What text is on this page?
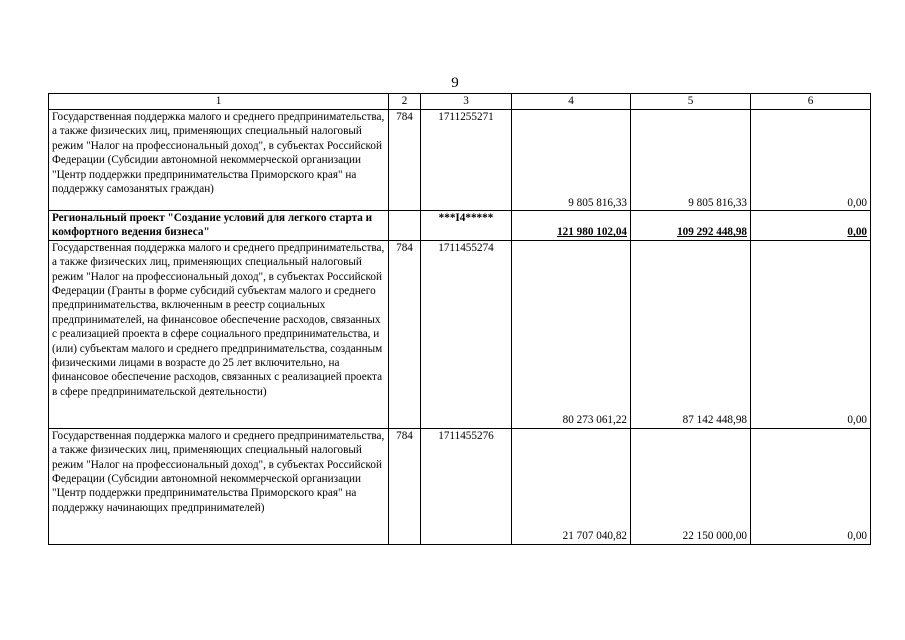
9
1	2	3	4	5	6
Государственная поддержка малого и среднего предпринимательства, а также физических лиц, применяющих специальный налоговый режим "Налог на профессиональный доход", в субъектах Российской Федерации (Субсидии автономной некоммерческой организации "Центр поддержки предпринимательства Приморского края" на поддержку самозанятых граждан)	784	1711255271	9 805 816,33	9 805 816,33	0,00
Региональный проект "Создание условий для легкого старта и комфортного ведения бизнеса"		***I4*****	121 980 102,04	109 292 448,98	0,00
Государственная поддержка малого и среднего предпринимательства, а также физических лиц, применяющих специальный налоговый режим "Налог на профессиональный доход", в субъектах Российской Федерации (Гранты в форме субсидий субъектам малого и среднего предпринимательства, включенным в реестр социальных предпринимателей, на финансовое обеспечение расходов, связанных с реализацией проекта в сфере социального предпринимательства, и (или) субъектам малого и среднего предпринимательства, созданным физическими лицами в возрасте до 25 лет включительно, на финансовое обеспечение расходов, связанных с реализацией проекта в сфере предпринимательской деятельности)	784	1711455274	80 273 061,22	87 142 448,98	0,00
Государственная поддержка малого и среднего предпринимательства, а также физических лиц, применяющих специальный налоговый режим "Налог на профессиональный доход", в субъектах Российской Федерации (Субсидии автономной некоммерческой организации "Центр поддержки предпринимательства Приморского края" на поддержку начинающих предпринимателей)	784	1711455276	21 707 040,82	22 150 000,00	0,00
